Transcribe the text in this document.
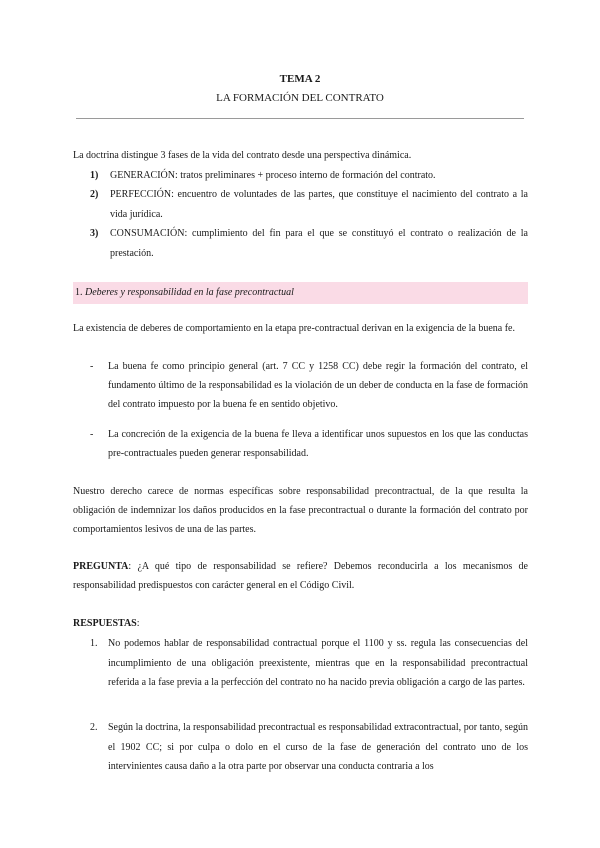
TEMA 2
LA FORMACIÓN DEL CONTRATO
La doctrina distingue 3 fases de la vida del contrato desde una perspectiva dinámica.
1) GENERACIÓN: tratos preliminares + proceso interno de formación del contrato.
2) PERFECCIÓN: encuentro de voluntades de las partes, que constituye el nacimiento del contrato a la vida jurídica.
3) CONSUMACIÓN: cumplimiento del fin para el que se constituyó el contrato o realización de la prestación.
1. Deberes y responsabilidad en la fase precontractual
La existencia de deberes de comportamiento en la etapa pre-contractual derivan en la exigencia de la buena fe.
- La buena fe como principio general (art. 7 CC y 1258 CC) debe regir la formación del contrato, el fundamento último de la responsabilidad es la violación de un deber de conducta en la fase de formación del contrato impuesto por la buena fe en sentido objetivo.
- La concreción de la exigencia de la buena fe lleva a identificar unos supuestos en los que las conductas pre-contractuales pueden generar responsabilidad.
Nuestro derecho carece de normas específicas sobre responsabilidad precontractual, de la que resulta la obligación de indemnizar los daños producidos en la fase precontractual o durante la formación del contrato por comportamientos lesivos de una de las partes.
PREGUNTA: ¿A qué tipo de responsabilidad se refiere? Debemos reconducirla a los mecanismos de responsabilidad predispuestos con carácter general en el Código Civil.
RESPUESTAS:
1. No podemos hablar de responsabilidad contractual porque el 1100 y ss. regula las consecuencias del incumplimiento de una obligación preexistente, mientras que en la responsabilidad precontractual referida a la fase previa a la perfección del contrato no ha nacido previa obligación a cargo de las partes.
2. Según la doctrina, la responsabilidad precontractual es responsabilidad extracontractual, por tanto, según el 1902 CC; si por culpa o dolo en el curso de la fase de generación del contrato uno de los intervinientes causa daño a la otra parte por observar una conducta contraria a los
